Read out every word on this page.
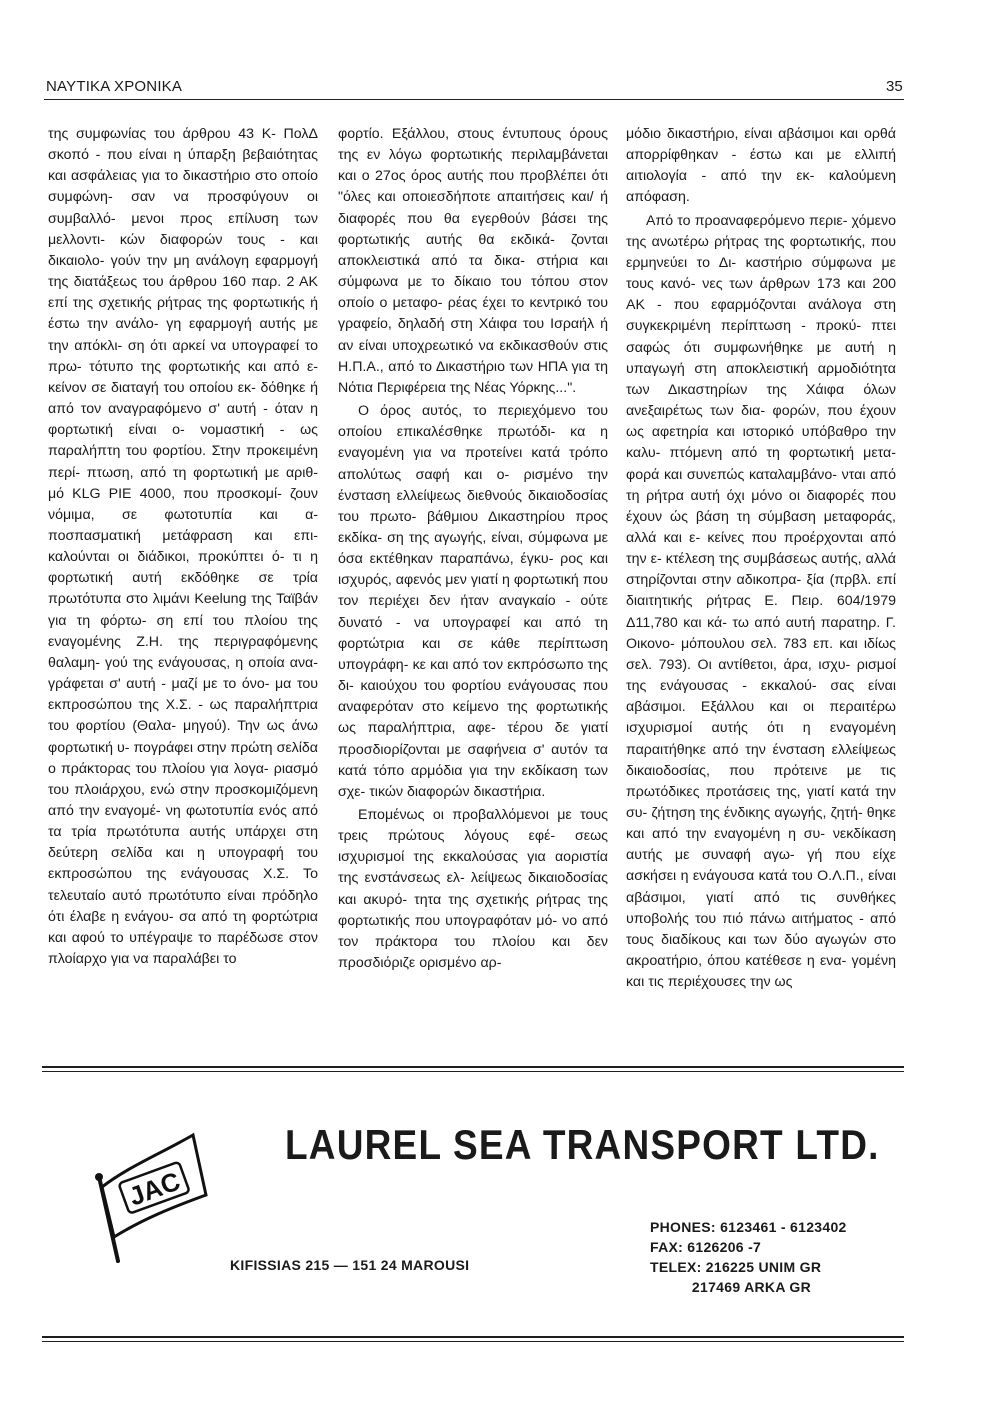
ΝΑΥΤΙΚΑ ΧΡΟΝΙΚΑ	35

της συμφωνίας του άρθρου 43 Κ- ΠολΔ σκοπό - που είναι η ύπαρξη βεβαιότητας και ασφάλειας για το δικαστήριο στο οποίο συμφώνη- σαν να προσφύγουν οι συμβαλλό- μενοι προς επίλυση των μελλοντι- κών διαφορών τους - και δικαιολο- γούν την μη ανάλογη εφαρμογή της διατάξεως του άρθρου 160 παρ. 2 ΑΚ επί της σχετικής ρήτρας της φορτωτικής ή έστω την ανάλο- γη εφαρμογή αυτής με την απόκλι- ση ότι αρκεί να υπογραφεί το πρω- τότυπο της φορτωτικής και από ε- κείνον σε διαταγή του οποίου εκ- δόθηκε ή από τον αναγραφόμενο σ' αυτή - όταν η φορτωτική είναι ο- νομαστική - ως παραλήπτη του φορτίου. Στην προκειμένη περί- πτωση, από τη φορτωτική με αριθ- μό KLG PIE 4000, που προσκομί- ζουν νόμιμα, σε φωτοτυπία και α- ποσπασματική μετάφραση και επι- καλούνται οι διάδικοι, προκύπτει ό- τι η φορτωτική αυτή εκδόθηκε σε τρία πρωτότυπα στο λιμάνι Keelung της Ταϊβάν για τη φόρτω- ση επί του πλοίου της εναγομένης Ζ.Η. της περιγραφόμενης θαλαμη- γού της ενάγουσας, η οποία ανα- γράφεται σ' αυτή - μαζί με το όνο- μα του εκπροσώπου της Χ.Σ. - ως παραλήπτρια του φορτίου (Θαλα- μηγού). Την ως άνω φορτωτική υ- πογράφει στην πρώτη σελίδα ο πράκτορας του πλοίου για λογα- ριασμό του πλοιάρχου, ενώ στην προσκομιζόμενη από την εναγομέ- νη φωτοτυπία ενός από τα τρία πρωτότυπα αυτής υπάρχει στη δεύτερη σελίδα και η υπογραφή του εκπροσώπου της ενάγουσας Χ.Σ. Το τελευταίο αυτό πρωτότυπο είναι πρόδηλο ότι έλαβε η ενάγου- σα από τη φορτώτρια και αφού το υπέγραψε το παρέδωσε στον πλοίαρχο για να παραλάβει το

φορτίο. Εξάλλου, στους έντυπους όρους της εν λόγω φορτωτικής περιλαμβάνεται και ο 27ος όρος αυτής που προβλέπει ότι "όλες και οποιεσδήποτε απαιτήσεις και/ ή διαφορές που θα εγερθούν βάσει της φορτωτικής αυτής θα εκδικά- ζονται αποκλειστικά από τα δικα- στήρια και σύμφωνα με το δίκαιο του τόπου στον οποίο ο μεταφο- ρέας έχει το κεντρικό του γραφείο, δηλαδή στη Χάιφα του Ισραήλ ή αν είναι υποχρεωτικό να εκδικασθούν στις Η.Π.Α., από το Δικαστήριο των ΗΠΑ για τη Νότια Περιφέρεια της Νέας Υόρκης...".

Ο όρος αυτός, το περιεχόμενο του οποίου επικαλέσθηκε πρωτόδι- κα η εναγομένη για να προτείνει κατά τρόπο απολύτως σαφή και ο- ρισμένο την ένσταση ελλείψεως διεθνούς δικαιοδοσίας του πρωτο- βάθμιου Δικαστηρίου προς εκδίκα- ση της αγωγής, είναι, σύμφωνα με όσα εκτέθηκαν παραπάνω, έγκυ- ρος και ισχυρός, αφενός μεν γιατί η φορτωτική που τον περιέχει δεν ήταν αναγκαίο - ούτε δυνατό - να υπογραφεί και από τη φορτώτρια και σε κάθε περίπτωση υπογράφη- κε και από τον εκπρόσωπο της δι- καιούχου του φορτίου ενάγουσας που αναφερόταν στο κείμενο της φορτωτικής ως παραλήπτρια, αφε- τέρου δε γιατί προσδιορίζονται με σαφήνεια σ' αυτόν τα κατά τόπο αρμόδια για την εκδίκαση των σχε- τικών διαφορών δικαστήρια.

Επομένως οι προβαλλόμενοι με τους τρεις πρώτους λόγους εφέ- σεως ισχυρισμοί της εκκαλούσας για αοριστία της ενστάνσεως ελ- λείψεως δικαιοδοσίας και ακυρό- τητα της σχετικής ρήτρας της φορτωτικής που υπογραφόταν μό- νο από τον πράκτορα του πλοίου και δεν προσδιόριζε ορισμένο αρ-

μόδιο δικαστήριο, είναι αβάσιμοι και ορθά απορρίφθηκαν - έστω και με ελλιπή αιτιολογία - από την εκ- καλούμενη απόφαση.

Από το προαναφερόμενο περιε- χόμενο της ανωτέρω ρήτρας της φορτωτικής, που ερμηνεύει το Δι- καστήριο σύμφωνα με τους κανό- νες των άρθρων 173 και 200 ΑΚ - που εφαρμόζονται ανάλογα στη συγκεκριμένη περίπτωση - προκύ- πτει σαφώς ότι συμφωνήθηκε με αυτή η υπαγωγή στη αποκλειστική αρμοδιότητα των Δικαστηρίων της Χάιφα όλων ανεξαιρέτως των δια- φορών, που έχουν ως αφετηρία και ιστορικό υπόβαθρο την καλυ- πτόμενη από τη φορτωτική μετα- φορά και συνεπώς καταλαμβάνο- νται από τη ρήτρα αυτή όχι μόνο οι διαφορές που έχουν ώς βάση τη σύμβαση μεταφοράς, αλλά και ε- κείνες που προέρχονται από την ε- κτέλεση της συμβάσεως αυτής, αλλά στηρίζονται στην αδικοπρα- ξία (πρβλ. επί διαιτητικής ρήτρας Ε. Πειρ. 604/1979 Δ11,780 και κά- τω από αυτή παρατηρ. Γ. Οικονο- μόπουλου σελ. 783 επ. και ιδίως σελ. 793). Οι αντίθετοι, άρα, ισχυ- ρισμοί της ενάγουσας - εκκαλού- σας είναι αβάσιμοι. Εξάλλου και οι περαιτέρω ισχυρισμοί αυτής ότι η εναγομένη παραιτήθηκε από την ένσταση ελλείψεως δικαιοδοσίας, που πρότεινε με τις πρωτόδικες προτάσεις της, γιατί κατά την συ- ζήτηση της ένδικης αγωγής, ζητή- θηκε και από την εναγομένη η συ- νεκδίκαση αυτής με συναφή αγω- γή που είχε ασκήσει η ενάγουσα κατά του Ο.Λ.Π., είναι αβάσιμοι, γιατί από τις συνθήκες υποβολής του πιό πάνω αιτήματος - από τους διαδίκους και των δύο αγωγών στο ακροατήριο, όπου κατέθεσε η ενα- γομένη και τις περιέχουσες την ως

JAC
LAUREL SEA TRANSPORT LTD.
KIFISSIAS 215 — 151 24 MAROUSI
PHONES: 6123461 - 6123402
FAX: 6126206 -7
TELEX: 216225 UNIM GR
217469 ARKA GR
